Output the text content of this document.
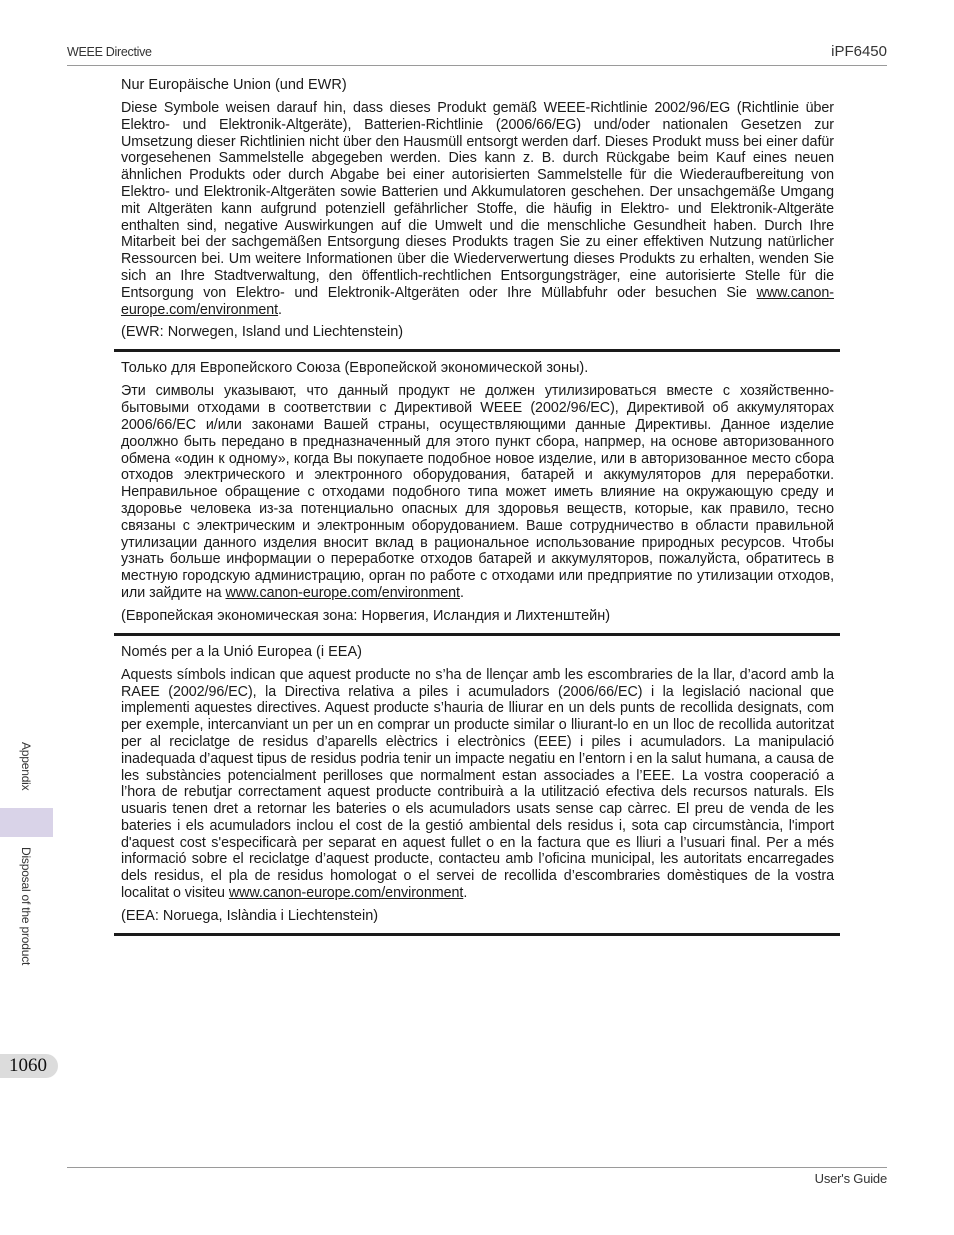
WEEE Directive	iPF6450
Appendix
Disposal of the product
1060

Nur Europäische Union (und EWR)

Diese Symbole weisen darauf hin, dass dieses Produkt gemäß WEEE-Richtlinie 2002/96/EG (Richtlinie über Elektro- und Elektronik-Altgeräte), Batterien-Richtlinie (2006/66/EG) und/oder nationalen Gesetzen zur Umsetzung dieser Richtlinien nicht über den Hausmüll entsorgt werden darf. Dieses Produkt muss bei einer dafür vorgesehenen Sammelstelle abgegeben werden. Dies kann z. B. durch Rückgabe beim Kauf eines neuen ähnlichen Produkts oder durch Abgabe bei einer autorisierten Sammelstelle für die Wiederaufbereitung von Elektro- und Elektronik-Altgeräten sowie Batterien und Akkumulatoren geschehen. Der unsachgemäße Umgang mit Altgeräten kann aufgrund potenziell gefährlicher Stoffe, die häufig in Elektro- und Elektronik-Altgeräte enthalten sind, negative Auswirkungen auf die Umwelt und die menschliche Gesundheit haben. Durch Ihre Mitarbeit bei der sachgemäßen Entsorgung dieses Produkts tragen Sie zu einer effektiven Nutzung natürlicher Ressourcen bei. Um weitere Informationen über die Wiederverwertung dieses Produkts zu erhalten, wenden Sie sich an Ihre Stadtverwaltung, den öffentlich-rechtlichen Entsorgungsträger, eine autorisierte Stelle für die Entsorgung von Elektro- und Elektronik-Altgeräten oder Ihre Müllabfuhr oder besuchen Sie www.canon-europe.com/environment.

(EWR: Norwegen, Island und Liechtenstein)

Только для Европейского Союза (Европейской экономической зоны).

Эти символы указывают, что данный продукт не должен утилизироваться вместе с хозяйственно-бытовыми отходами в соответствии с Директивой WEEE (2002/96/EC), Директивой об аккумуляторах 2006/66/EC и/или законами Вашей страны, осуществляющими данные Директивы. Данное изделие доолжно быть передано в предназначенный для этого пункт сбора, напрмер, на основе авторизованного обмена «один к одному», когда Вы покупаете подобное новое изделие, или в авторизованное место сбора отходов электрического и электронного оборудования, батарей и аккумуляторов для переработки. Неправильное обращение с отходами подобного типа может иметь влияние на окружающую среду и здоровье человека из-за потенциально опасных для здоровья веществ, которые, как правило, тесно связаны с электрическим и электронным оборудованием. Ваше сотрудничество в области правильной утилизации данного изделия вносит вклад в рациональное использование природных ресурсов. Чтобы узнать больше информации о переработке отходов батарей и аккумуляторов, пожалуйста, обратитесь в местную городскую администрацию, орган по работе с отходами или предприятие по утилизации отходов, или зайдите на www.canon-europe.com/environment.

(Европейская экономическая зона: Норвегия, Исландия и Лихтенштейн)

Només per a la Unió Europea (i EEA)

Aquests símbols indican que aquest producte no s’ha de llençar amb les escombraries de la llar, d’acord amb la RAEE (2002/96/EC), la Directiva relativa a piles i acumuladors (2006/66/EC) i la legislació nacional que implementi aquestes directives. Aquest producte s’hauria de lliurar en un dels punts de recollida designats, com per exemple, intercanviant un per un en comprar un producte similar o lliurant-lo en un lloc de recollida autoritzat per al reciclatge de residus d’aparells elèctrics i electrònics (EEE) i piles i acumuladors. La manipulació inadequada d’aquest tipus de residus podria tenir un impacte negatiu en l’entorn i en la salut humana, a causa de les substàncies potencialment perilloses que normalment estan associades a l’EEE. La vostra cooperació a l’hora de rebutjar correctament aquest producte contribuirà a la utilització efectiva dels recursos naturals. Els usuaris tenen dret a retornar les bateries o els acumuladors usats sense cap càrrec. El preu de venda de les bateries i els acumuladors inclou el cost de la gestió ambiental dels residus i, sota cap circumstància, l'import d'aquest cost s'especificarà per separat en aquest fullet o en la factura que es lliuri a l’usuari final. Per a més informació sobre el reciclatge d’aquest producte, contacteu amb l’oficina municipal, les autoritats encarregades dels residus, el pla de residus homologat o el servei de recollida d’escombraries domèstiques de la vostra localitat o visiteu www.canon-europe.com/environment.

(EEA: Noruega, Islàndia i Liechtenstein)

User's Guide
